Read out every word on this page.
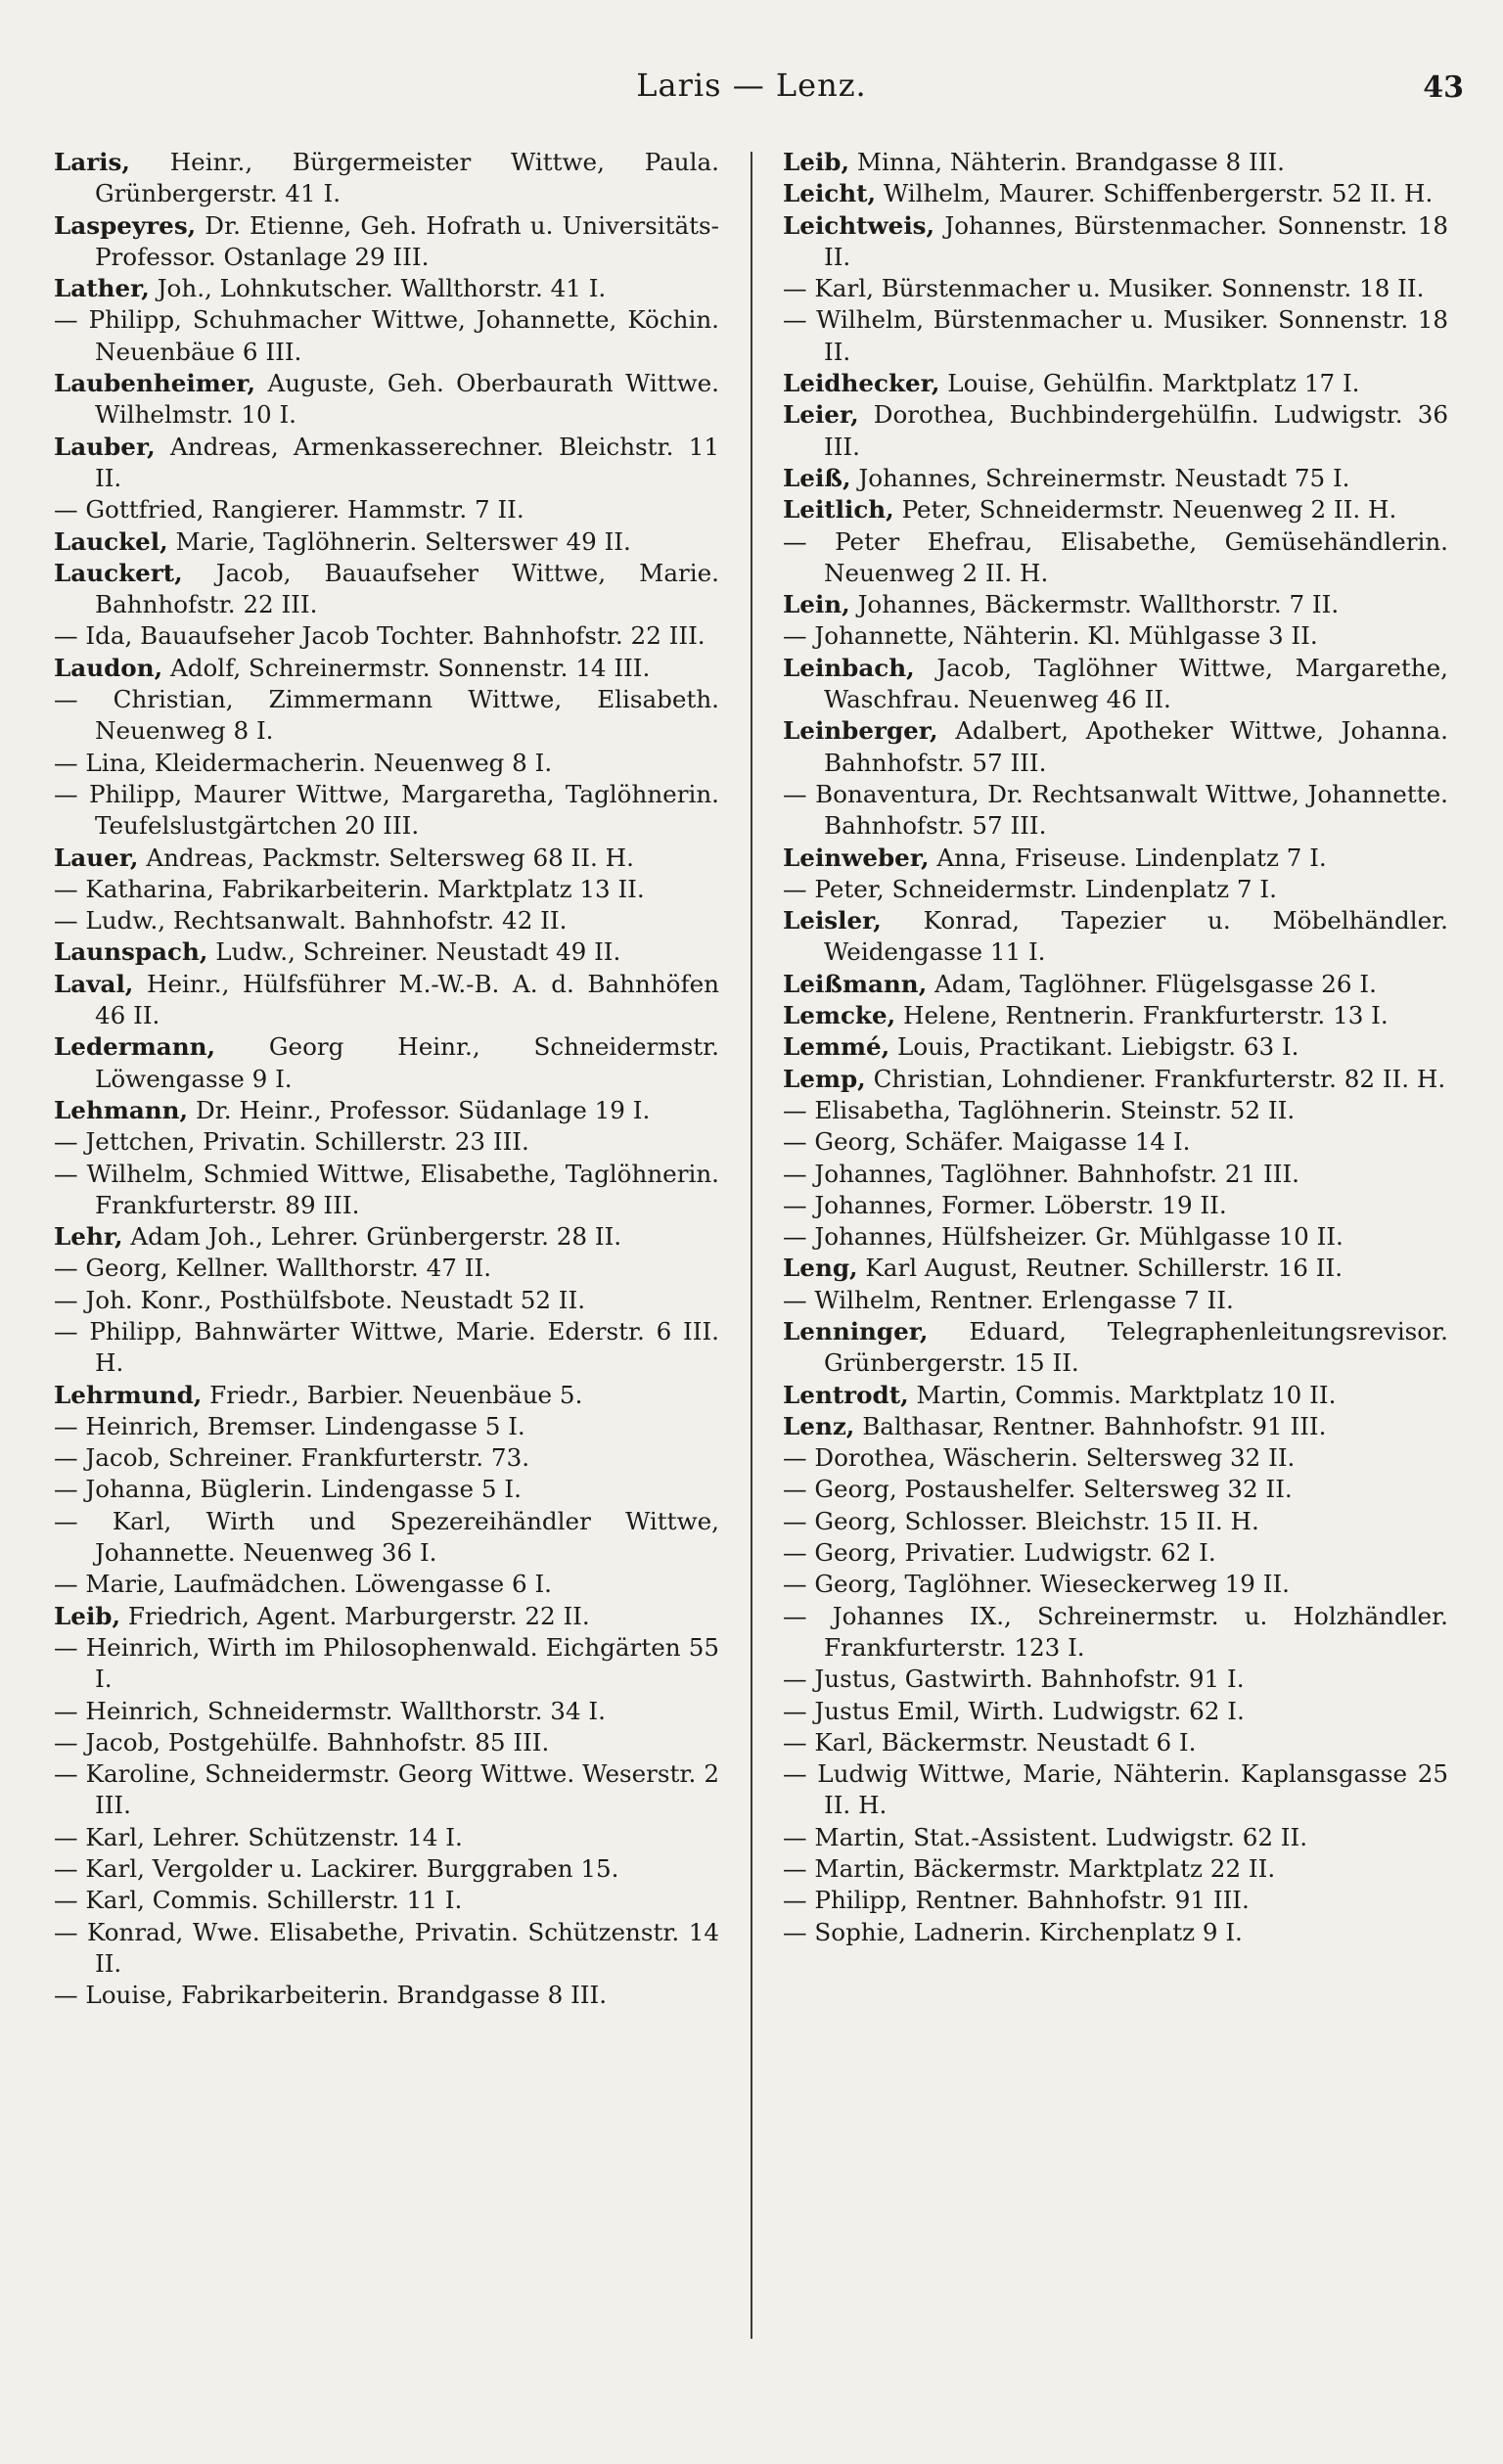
Laris — Lenz.	43

Laris, Heinr., Bürgermeister Wittwe, Paula. Grünbergerstr. 41 I.

Laspeyres, Dr. Etienne, Geh. Hofrath u. Universitäts-Professor. Ostanlage 29 III.

Lather, Joh., Lohnkutscher. Wallthorstr. 41 I.

— Philipp, Schuhmacher Wittwe, Johannette, Köchin. Neuenbäue 6 III.

Laubenheimer, Auguste, Geh. Oberbaurath Wittwe. Wilhelmstr. 10 I.

Lauber, Andreas, Armenkasserechner. Bleichstr. 11 II.

— Gottfried, Rangierer. Hammstr. 7 II.

Lauckel, Marie, Taglöhnerin. Selterswег 49 II.

Lauckert, Jacob, Bauaufseher Wittwe, Marie. Bahnhofstr. 22 III.

— Ida, Bauaufseher Jacob Tochter. Bahnhofstr. 22 III.

Laudon, Adolf, Schreinermstr. Sonnenstr. 14 III.

— Christian, Zimmermann Wittwe, Elisabeth. Neuenweg 8 I.

— Lina, Kleidermacherin. Neuenweg 8 I.

— Philipp, Maurer Wittwe, Margaretha, Taglöhnerin. Teufelslustgärtchen 20 III.

Lauer, Andreas, Packmstr. Seltersweg 68 II. H.

— Katharina, Fabrikarbeiterin. Marktplatz 13 II.

— Ludw., Rechtsanwalt. Bahnhofstr. 42 II.

Launspach, Ludw., Schreiner. Neustadt 49 II.

Laval, Heinr., Hülfsführer M.-W.-B. A. d. Bahnhöfen 46 II.

Ledermann, Georg Heinr., Schneidermstr. Löwengasse 9 I.

Lehmann, Dr. Heinr., Professor. Südanlage 19 I.

— Jettchen, Privatin. Schillerstr. 23 III.

— Wilhelm, Schmied Wittwe, Elisabethe, Taglöhnerin. Frankfurterstr. 89 III.

Lehr, Adam Joh., Lehrer. Grünbergerstr. 28 II.

— Georg, Kellner. Wallthorstr. 47 II.

— Joh. Konr., Posthülfsbote. Neustadt 52 II.

— Philipp, Bahnwärter Wittwe, Marie. Ederstr. 6 III. H.

Lehrmund, Friedr., Barbier. Neuenbäue 5.

— Heinrich, Bremser. Lindengasse 5 I.

— Jacob, Schreiner. Frankfurterstr. 73.

— Johanna, Büglerin. Lindengasse 5 I.

— Karl, Wirth und Spezereihändler Wittwe, Johannette. Neuenweg 36 I.

— Marie, Laufmädchen. Löwengasse 6 I.

Leib, Friedrich, Agent. Marburgerstr. 22 II.

— Heinrich, Wirth im Philosophenwald. Eichgärten 55 I.

— Heinrich, Schneidermstr. Wallthorstr. 34 I.

— Jacob, Postgehülfe. Bahnhofstr. 85 III.

— Karoline, Schneidermstr. Georg Wittwe. Weserstr. 2 III.

— Karl, Lehrer. Schützenstr. 14 I.

— Karl, Vergolder u. Lackirer. Burggraben 15.

— Karl, Commis. Schillerstr. 11 I.

— Konrad, Wwe. Elisabethe, Privatin. Schützenstr. 14 II.

— Louise, Fabrikarbeiterin. Brandgasse 8 III.

Leib, Minna, Nähterin. Brandgasse 8 III.

Leicht, Wilhelm, Maurer. Schiffenbergerstr. 52 II. H.

Leichtweis, Johannes, Bürstenmacher. Sonnenstr. 18 II.

— Karl, Bürstenmacher u. Musiker. Sonnenstr. 18 II.

— Wilhelm, Bürstenmacher u. Musiker. Sonnenstr. 18 II.

Leidhecker, Louise, Gehülfin. Marktplatz 17 I.

Leier, Dorothea, Buchbindergehülfin. Ludwigstr. 36 III.

Leiß, Johannes, Schreinermstr. Neustadt 75 I.

Leitlich, Peter, Schneidermstr. Neuenweg 2 II. H.

— Peter Ehefrau, Elisabethe, Gemüsehändlerin. Neuenweg 2 II. H.

Lein, Johannes, Bäckermstr. Wallthorstr. 7 II.

— Johannette, Nähterin. Kl. Mühlgasse 3 II.

Leinbach, Jacob, Taglöhner Wittwe, Margarethe, Waschfrau. Neuenweg 46 II.

Leinberger, Adalbert, Apotheker Wittwe, Johanna. Bahnhofstr. 57 III.

— Bonaventura, Dr. Rechtsanwalt Wittwe, Johannette. Bahnhofstr. 57 III.

Leinweber, Anna, Friseuse. Lindenplatz 7 I.

— Peter, Schneidermstr. Lindenplatz 7 I.

Leisler, Konrad, Tapezier u. Möbelhändler. Weidengasse 11 I.

Leißmann, Adam, Taglöhner. Flügelsgasse 26 I.

Lemcke, Helene, Rentnerin. Frankfurterstr. 13 I.

Lemmé, Louis, Practikant. Liebigstr. 63 I.

Lemp, Christian, Lohndiener. Frankfurterstr. 82 II. H.

— Elisabetha, Taglöhnerin. Steinstr. 52 II.

— Georg, Schäfer. Maigasse 14 I.

— Johannes, Taglöhner. Bahnhofstr. 21 III.

— Johannes, Former. Löberstr. 19 II.

— Johannes, Hülfsheizer. Gr. Mühlgasse 10 II.

Leng, Karl August, Reutner. Schillerstr. 16 II.

— Wilhelm, Rentner. Erlengasse 7 II.

Lenninger, Eduard, Telegraphenleitungsrevisor. Grünbergerstr. 15 II.

Lentrodt, Martin, Commis. Marktplatz 10 II.

Lenz, Balthasar, Rentner. Bahnhofstr. 91 III.

— Dorothea, Wäscherin. Seltersweg 32 II.

— Georg, Postaushelfer. Seltersweg 32 II.

— Georg, Schlosser. Bleichstr. 15 II. H.

— Georg, Privatier. Ludwigstr. 62 I.

— Georg, Taglöhner. Wieseckerweg 19 II.

— Johannes IX., Schreinermstr. u. Holzhändler. Frankfurterstr. 123 I.

— Justus, Gastwirth. Bahnhofstr. 91 I.

— Justus Emil, Wirth. Ludwigstr. 62 I.

— Karl, Bäckermstr. Neustadt 6 I.

— Ludwig Wittwe, Marie, Nähterin. Kaplansgasse 25 II. H.

— Martin, Stat.-Assistent. Ludwigstr. 62 II.

— Martin, Bäckermstr. Marktplatz 22 II.

— Philipp, Rentner. Bahnhofstr. 91 III.

— Sophie, Ladnerin. Kirchenplatz 9 I.
